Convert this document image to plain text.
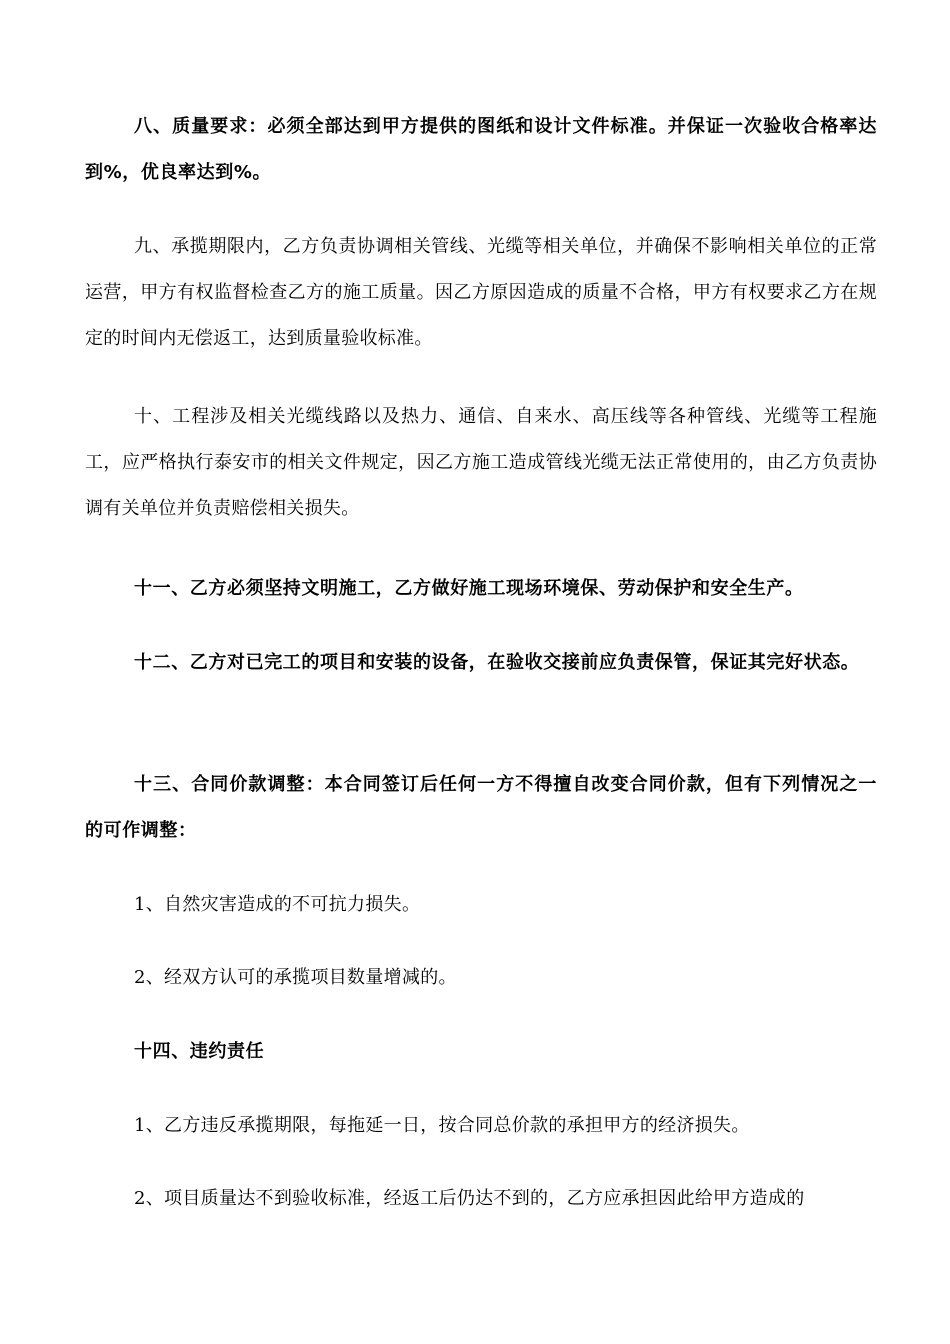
八、质量要求：必须全部达到甲方提供的图纸和设计文件标准。并保证一次验收合格率达到%，优良率达到%。

九、承揽期限内，乙方负责协调相关管线、光缆等相关单位，并确保不影响相关单位的正常运营，甲方有权监督检查乙方的施工质量。因乙方原因造成的质量不合格，甲方有权要求乙方在规定的时间内无偿返工，达到质量验收标准。

十、工程涉及相关光缆线路以及热力、通信、自来水、高压线等各种管线、光缆等工程施工，应严格执行泰安市的相关文件规定，因乙方施工造成管线光缆无法正常使用的，由乙方负责协调有关单位并负责赔偿相关损失。

十一、乙方必须坚持文明施工，乙方做好施工现场环境保、劳动保护和安全生产。

十二、乙方对已完工的项目和安装的设备，在验收交接前应负责保管，保证其完好状态。

十三、合同价款调整：本合同签订后任何一方不得擅自改变合同价款，但有下列情况之一的可作调整：

1、自然灾害造成的不可抗力损失。

2、经双方认可的承揽项目数量增减的。

十四、违约责任

1、乙方违反承揽期限，每拖延一日，按合同总价款的承担甲方的经济损失。

2、项目质量达不到验收标准，经返工后仍达不到的，乙方应承担因此给甲方造成的
